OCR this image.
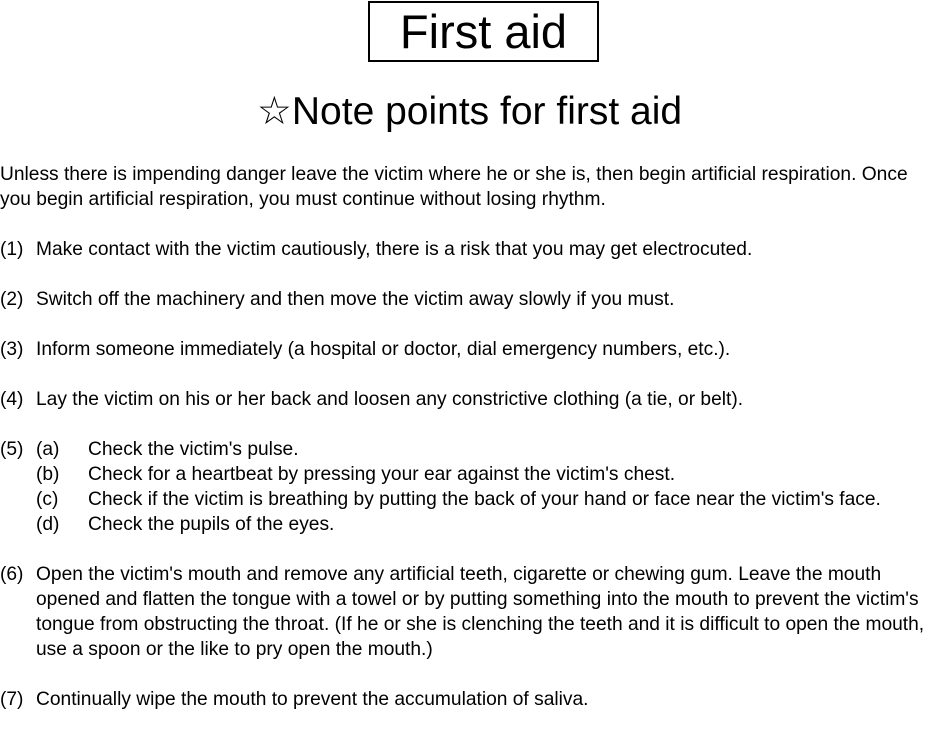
First aid
☆Note points for first aid
Unless there is impending danger leave the victim where he or she is, then begin artificial respiration. Once you begin artificial respiration, you must continue without losing rhythm.
(1) Make contact with the victim cautiously, there is a risk that you may get electrocuted.
(2) Switch off the machinery and then move the victim away slowly if you must.
(3) Inform someone immediately (a hospital or doctor, dial emergency numbers, etc.).
(4) Lay the victim on his or her back and loosen any constrictive clothing (a tie, or belt).
(5) (a)	Check the victim's pulse.
(b)	Check for a heartbeat by pressing your ear against the victim's chest.
(c)	Check if the victim is breathing by putting the back of your hand or face near the victim's face.
(d)	Check the pupils of the eyes.
(6) Open the victim's mouth and remove any artificial teeth, cigarette or chewing gum. Leave the mouth opened and flatten the tongue with a towel or by putting something into the mouth to prevent the victim's tongue from obstructing the throat. (If he or she is clenching the teeth and it is difficult to open the mouth, use a spoon or the like to pry open the mouth.)
(7) Continually wipe the mouth to prevent the accumulation of saliva.
